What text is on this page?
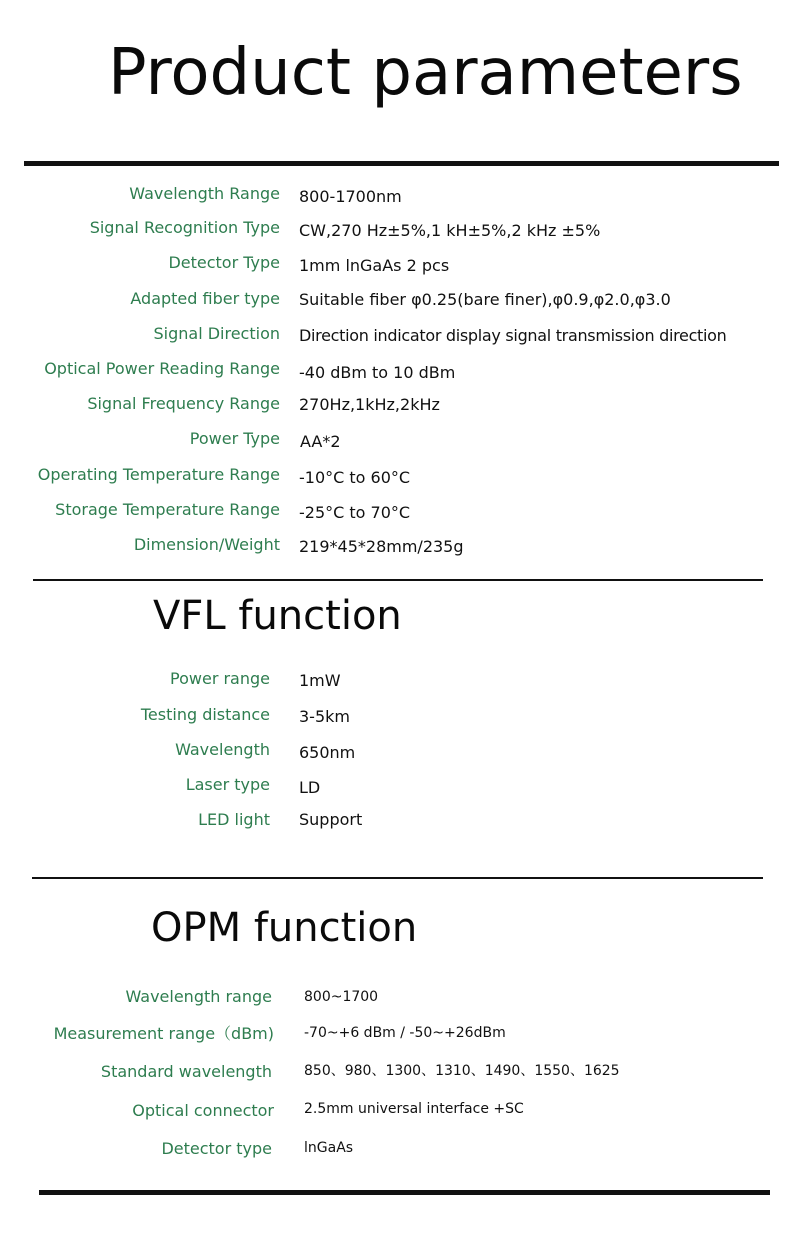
Product parameters
Wavelength Range 800-1700nm
Signal Recognition Type CW,270 Hz±5%,1 kH±5%,2 kHz ±5%
Detector Type 1mm lnGaAs 2 pcs
Adapted fiber type Suitable fiber φ0.25(bare finer),φ0.9,φ2.0,φ3.0
Signal Direction Direction indicator display signal transmission direction
Optical Power Reading Range -40 dBm to 10 dBm
Signal Frequency Range 270Hz,1kHz,2kHz
Power Type AA*2
Operating Temperature Range -10°C to 60°C
Storage Temperature Range -25°C to 70°C
Dimension/Weight 219*45*28mm/235g
VFL function
Power range 1mW
Testing distance 3-5km
Wavelength 650nm
Laser type LD
LED light Support
OPM function
Wavelength range 800~1700
Measurement range（dBm) -70~+6 dBm / -50~+26dBm
Standard wavelength 850、980、1300、1310、1490、1550、1625
Optical connector 2.5mm universal interface +SC
Detector type lnGaAs
